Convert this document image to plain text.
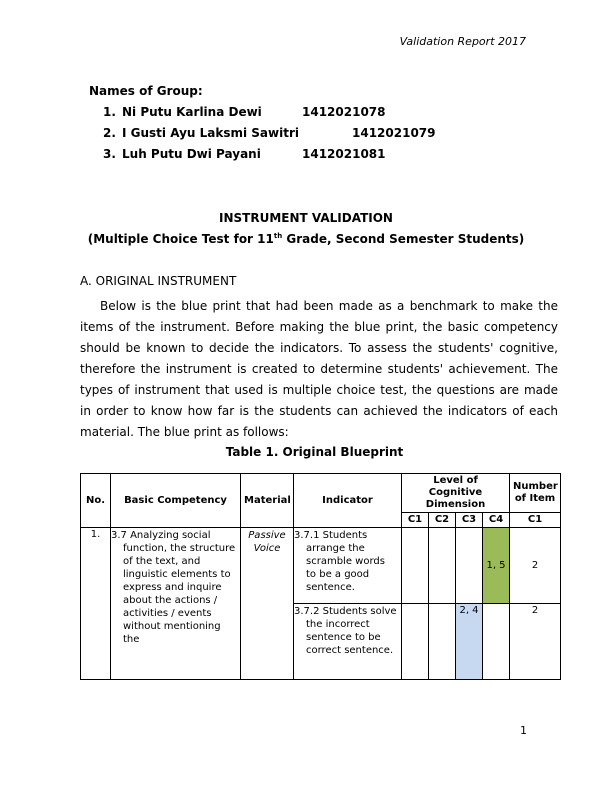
Validation Report 2017
Names of Group:
1. Ni Putu Karlina Dewi	1412021078
2. I Gusti Ayu Laksmi Sawitri	1412021079
3. Luh Putu Dwi Payani	1412021081
INSTRUMENT VALIDATION
(Multiple Choice Test for 11th Grade, Second Semester Students)
A. ORIGINAL INSTRUMENT

Below is the blue print that had been made as a benchmark to make the items of the instrument. Before making the blue print, the basic competency should be known to decide the indicators. To assess the students' cognitive, therefore the instrument is created to determine students' achievement. The types of instrument that used is multiple choice test, the questions are made in order to know how far is the students can achieved the indicators of each material. The blue print as follows:

Table 1. Original Blueprint
No.	Basic Competency	Material	Indicator	Level of Cognitive Dimension				Number of Item
				C1	C2	C3	C4	C1
1.	3.7 Analyzing social function, the structure of the text, and linguistic elements to express and inquire about the actions / activities / events without mentioning the	Passive Voice	3.7.1 Students arrange the scramble words to be a good sentence.				1, 5	2
			3.7.2 Students solve the incorrect sentence to be correct sentence.			2, 4		2
1
